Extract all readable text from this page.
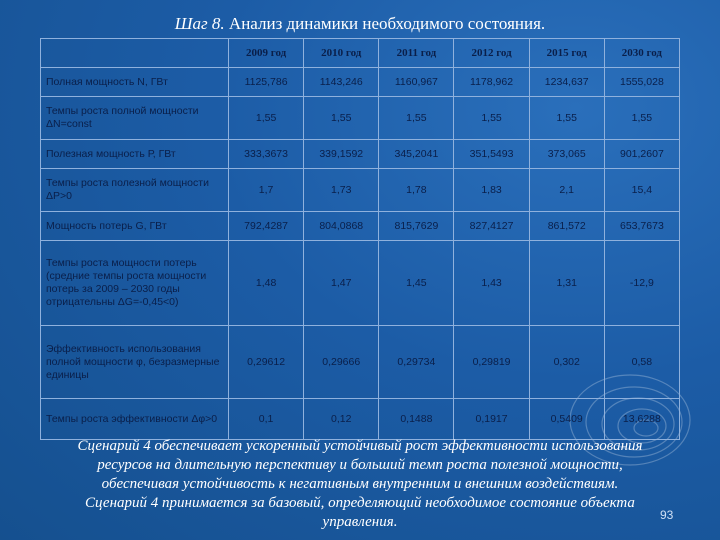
Шаг 8. Анализ динамики необходимого состояния.
	2009 год	2010 год	2011 год	2012 год	2015 год	2030 год
Полная мощность N, ГВт	1125,786	1143,246	1160,967	1178,962	1234,637	1555,028
Темпы роста полной мощности ΔN=const	1,55	1,55	1,55	1,55	1,55	1,55
Полезная мощность Р, ГВт	333,3673	339,1592	345,2041	351,5493	373,065	901,2607
Темпы роста полезной мощности ΔР>0	1,7	1,73	1,78	1,83	2,1	15,4
Мощность потерь G, ГВт	792,4287	804,0868	815,7629	827,4127	861,572	653,7673
Темпы роста мощности потерь (средние темпы роста мощности потерь за 2009 – 2030 годы отрицательны ΔG=-0,45<0)	1,48	1,47	1,45	1,43	1,31	-12,9
Эффективность использования полной мощности φ, безразмерные единицы	0,29612	0,29666	0,29734	0,29819	0,302	0,58
Темпы роста эффективности Δφ>0	0,1	0,12	0,1488	0,1917	0,5409	13,6288
Сценарий 4 обеспечивает ускоренный устойчивый рост эффективности использования
ресурсов на длительную перспективу и больший темп роста полезной мощности,
обеспечивая устойчивость к негативным внутренним и внешним воздействиям.
Сценарий 4 принимается за базовый, определяющий необходимое состояние объекта
управления.	93
